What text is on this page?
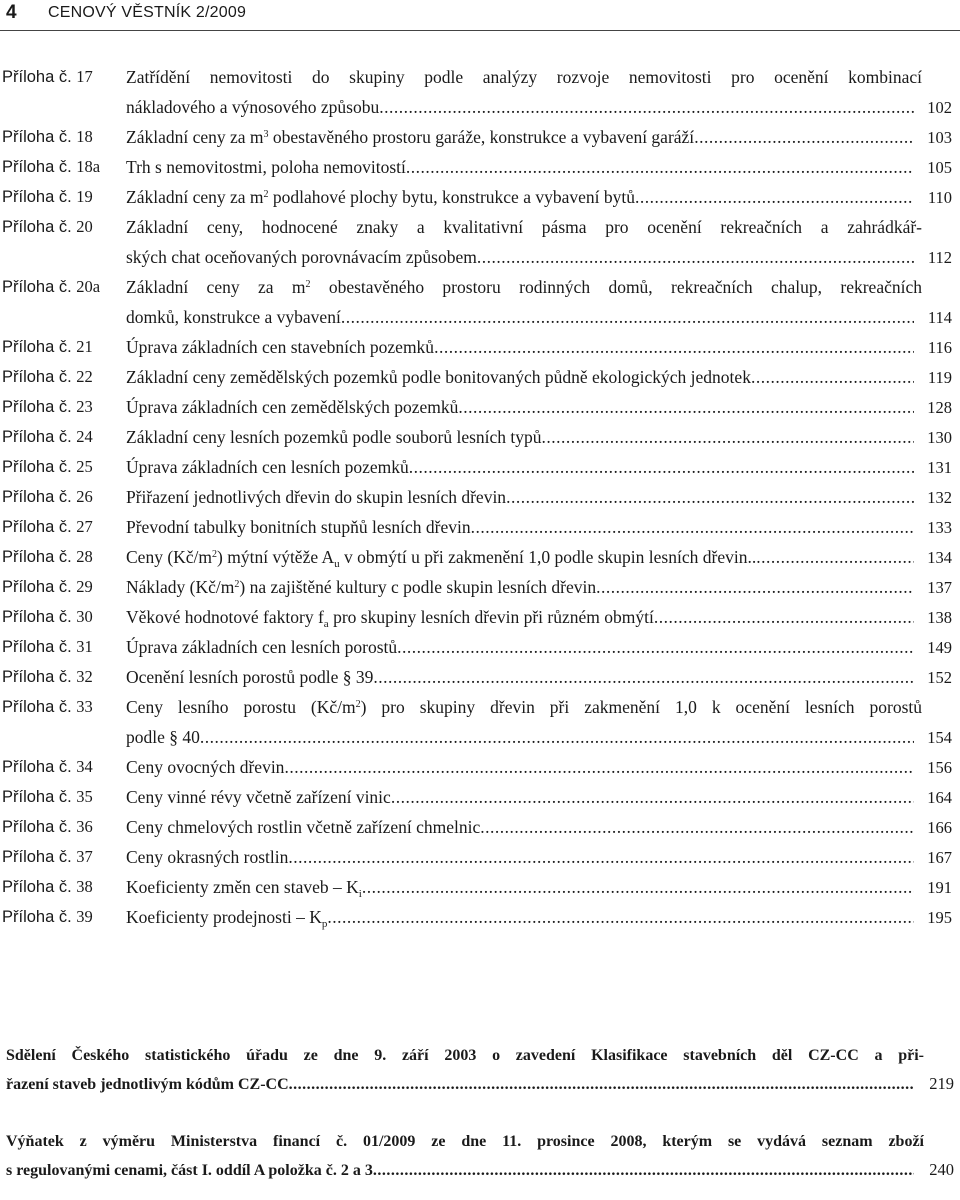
4 CENOVÝ VĚSTNÍK 2/2009
Příloha č. 17	Zatřídění nemovitosti do skupiny podle analýzy rozvoje nemovitosti pro ocenění kombinací
nákladového a výnosového způsobu .....	102
Příloha č. 18	Základní ceny za $m^3$ obestavěného prostoru garáže, konstrukce a vybavení garáží .....	103
Příloha č. 18a	Trh s nemovitostmi, poloha nemovitostí .....	105
Příloha č. 19	Základní ceny za $m^2$ podlahové plochy bytu, konstrukce a vybavení bytů .....	110
Příloha č. 20	Základní ceny, hodnocené znaky a kvalitativní pásma pro ocenění rekreačních a zahrádkář-
ských chat oceňovaných porovnávacím způsobem .....	112
Příloha č. 20a	Základní ceny za $m^2$ obestavěného prostoru rodinných domů, rekreačních chalup, rekreačních
domků, konstrukce a vybavení .....	114
Příloha č. 21	Úprava základních cen stavebních pozemků .....	116
Příloha č. 22	Základní ceny zemědělských pozemků podle bonitovaných půdně ekologických jednotek .....	119
Příloha č. 23	Úprava základních cen zemědělských pozemků .....	128
Příloha č. 24	Základní ceny lesních pozemků podle souborů lesních typů .....	130
Příloha č. 25	Úprava základních cen lesních pozemků .....	131
Příloha č. 26	Přiřazení jednotlivých dřevin do skupin lesních dřevin .....	132
Příloha č. 27	Převodní tabulky bonitních stupňů lesních dřevin .....	133
Příloha č. 28	Ceny $(Kč/m^2)$ mýtní výtěže $A_u$ v obmýtí u při zakmenění 1,0 podle skupin lesních dřevin.. .....	134
Příloha č. 29	Náklady $(Kč/m^2)$ na zajištěné kultury c podle skupin lesních dřevin .....	137
Příloha č. 30	Věkové hodnotové faktory $f_a$ pro skupiny lesních dřevin při různém obmýtí .....	138
Příloha č. 31	Úprava základních cen lesních porostů .....	149
Příloha č. 32	Ocenění lesních porostů podle § 39 .....	152
Příloha č. 33	Ceny lesního porostu $(Kč/m^2)$ pro skupiny dřevin při zakmenění 1,0 k ocenění lesních porostů
podle § 40 .....	154
Příloha č. 34	Ceny ovocných dřevin .....	156
Příloha č. 35	Ceny vinné révy včetně zařízení vinic .....	164
Příloha č. 36	Ceny chmelových rostlin včetně zařízení chmelnic .....	166
Příloha č. 37	Ceny okrasných rostlin .....	167
Příloha č. 38	Koeficienty změn cen staveb – $K_i$ .....	191
Příloha č. 39	Koeficienty prodejnosti – $K_p$ .....	195
Sdělení Českého statistického úřadu ze dne 9. září 2003 o zavedení Klasifikace stavebních děl CZ-CC a při-
řazení staveb jednotlivým kódům CZ-CC .....	219
Výňatek z výměru Ministerstva financí č. 01/2009 ze dne 11. prosince 2008, kterým se vydává seznam zboží
s regulovanými cenami, část I. oddíl A položka č. 2 a 3 .....	240
